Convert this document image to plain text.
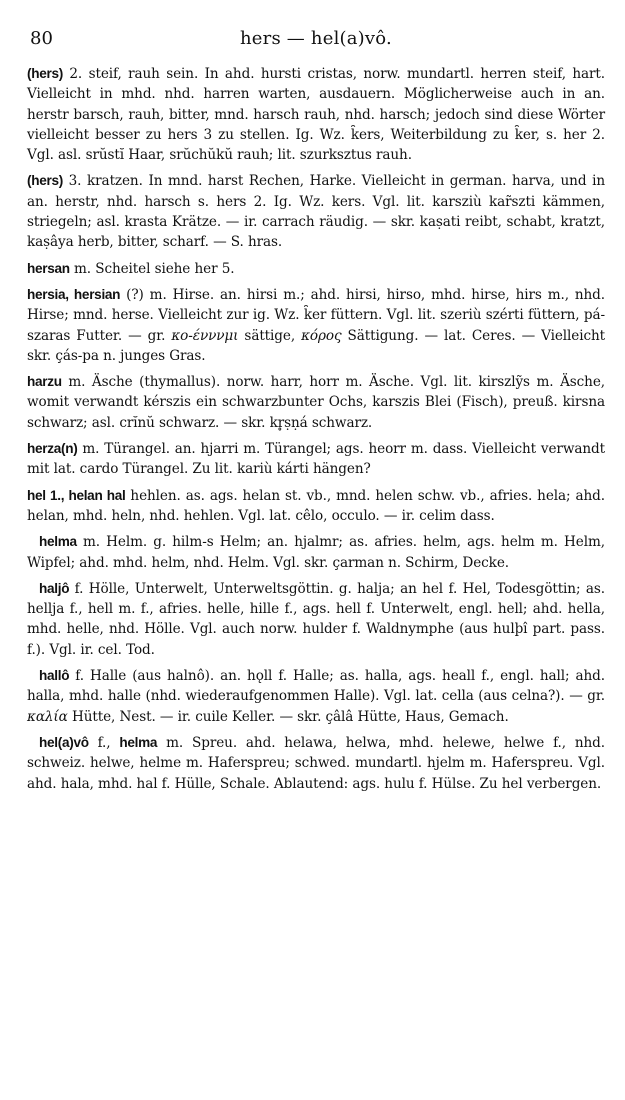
80	hers — hel(a)vô.

(hers) 2. steif, rauh sein. In ahd. hursti cristas, norw. mundartl. herren steif, hart. Vielleicht in mhd. nhd. harren warten, ausdauern. Möglicherweise auch in an. herstr barsch, rauh, bitter, mnd. harsch rauh, nhd. harsch; jedoch sind diese Wörter vielleicht besser zu hers 3 zu stellen. Ig. Wz. k̑ers, Weiterbildung zu k̑er, s. her 2. Vgl. asl. srŭstĭ Haar, srŭchŭkŭ rauh; lit. szurksztus rauh.

(hers) 3. kratzen. In mnd. harst Rechen, Harke. Vielleicht in german. harva, und in an. herstr, nhd. harsch s. hers 2. Ig. Wz. kers. Vgl. lit. karsziù kar̃szti kämmen, striegeln; asl. krasta Krätze. — ir. carrach räudig. — skr. kaṣati reibt, schabt, kratzt, kaṣâya herb, bitter, scharf. — S. hras.

hersan m. Scheitel siehe her 5.

hersia, hersian (?) m. Hirse. an. hirsi m.; ahd. hirsi, hirso, mhd. hirse, hirs m., nhd. Hirse; mnd. herse. Vielleicht zur ig. Wz. k̑er füttern. Vgl. lit. szeriù szérti füttern, pá-szaras Futter. — gr. κο-ένννμι sättige, κόρος Sättigung. — lat. Ceres. — Vielleicht skr. çás-pa n. junges Gras.

harzu m. Äsche (thymallus). norw. harr, horr m. Äsche. Vgl. lit. kirszlỹs m. Äsche, womit verwandt kérszis ein schwarzbunter Ochs, karszis Blei (Fisch), preuß. kirsna schwarz; asl. crĭnŭ schwarz. — skr. kr̥ṣṇá schwarz.

herza(n) m. Türangel. an. hjarri m. Türangel; ags. heorr m. dass. Vielleicht verwandt mit lat. cardo Türangel. Zu lit. kariù kárti hängen?

hel 1., helan hal hehlen. as. ags. helan st. vb., mnd. helen schw. vb., afries. hela; ahd. helan, mhd. heln, nhd. hehlen. Vgl. lat. cêlo, occulo. — ir. celim dass.

helma m. Helm. g. hilm-s Helm; an. hjalmr; as. afries. helm, ags. helm m. Helm, Wipfel; ahd. mhd. helm, nhd. Helm. Vgl. skr. çarman n. Schirm, Decke.

haljô f. Hölle, Unterwelt, Unterweltsgöttin. g. halja; an hel f. Hel, Todesgöttin; as. hellja f., hell m. f., afries. helle, hille f., ags. hell f. Unterwelt, engl. hell; ahd. hella, mhd. helle, nhd. Hölle. Vgl. auch norw. hulder f. Waldnymphe (aus hulþî part. pass. f.). Vgl. ir. cel. Tod.

hallô f. Halle (aus halnô). an. hǫll f. Halle; as. halla, ags. heall f., engl. hall; ahd. halla, mhd. halle (nhd. wiederaufgenommen Halle). Vgl. lat. cella (aus celna?). — gr. καλία Hütte, Nest. — ir. cuile Keller. — skr. çâlâ Hütte, Haus, Gemach.

hel(a)vô f., helma m. Spreu. ahd. helawa, helwa, mhd. helewe, helwe f., nhd. schweiz. helwe, helme m. Haferspreu; schwed. mundartl. hjelm m. Haferspreu. Vgl. ahd. hala, mhd. hal f. Hülle, Schale. Ablautend: ags. hulu f. Hülse. Zu hel verbergen.
